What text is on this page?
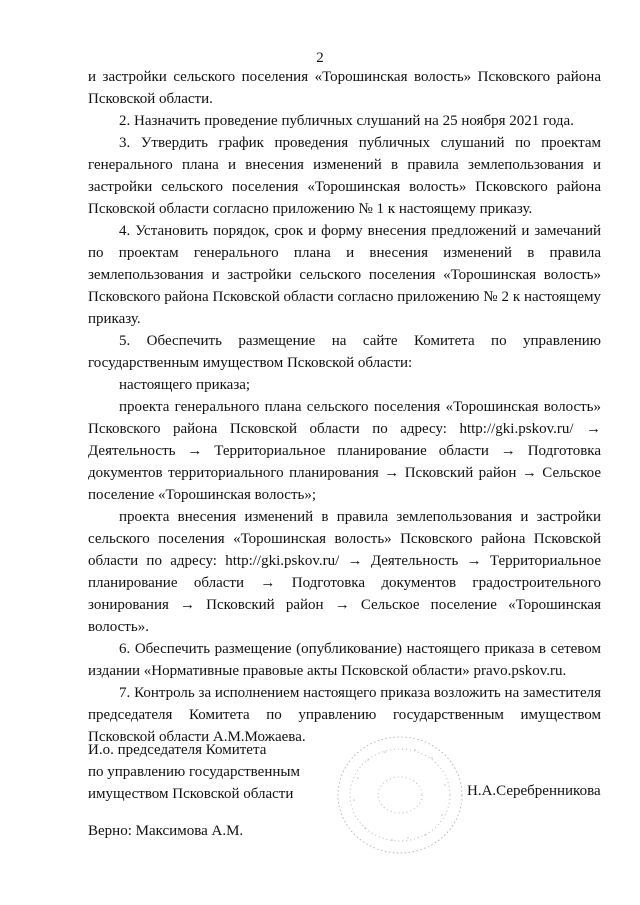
2

и застройки сельского поселения «Торошинская волость» Псковского района Псковской области.

2. Назначить проведение публичных слушаний на 25 ноября 2021 года.

3. Утвердить график проведения публичных слушаний по проектам генерального плана и внесения изменений в правила землепользования и застройки сельского поселения «Торошинская волость» Псковского района Псковской области согласно приложению № 1 к настоящему приказу.

4. Установить порядок, срок и форму внесения предложений и замечаний по проектам генерального плана и внесения изменений в правила землепользования и застройки сельского поселения «Торошинская волость» Псковского района Псковской области согласно приложению № 2 к настоящему приказу.

5. Обеспечить размещение на сайте Комитета по управлению государственным имуществом Псковской области:

настоящего приказа;

проекта генерального плана сельского поселения «Торошинская волость» Псковского района Псковской области по адресу: http://gki.pskov.ru/ → Деятельность → Территориальное планирование области → Подготовка документов территориального планирования → Псковский район → Сельское поселение «Торошинская волость»;

проекта внесения изменений в правила землепользования и застройки сельского поселения «Торошинская волость» Псковского района Псковской области по адресу: http://gki.pskov.ru/ → Деятельность → Территориальное планирование области → Подготовка документов градостроительного зонирования → Псковский район → Сельское поселение «Торошинская волость».

6. Обеспечить размещение (опубликование) настоящего приказа в сетевом издании «Нормативные правовые акты Псковской области» pravo.pskov.ru.

7. Контроль за исполнением настоящего приказа возложить на заместителя председателя Комитета по управлению государственным имуществом Псковской области А.М.Можаева.

И.о. председателя Комитета
по управлению государственным
имуществом Псковской области	Н.А.Серебренникова
Верно: Максимова А.М.
